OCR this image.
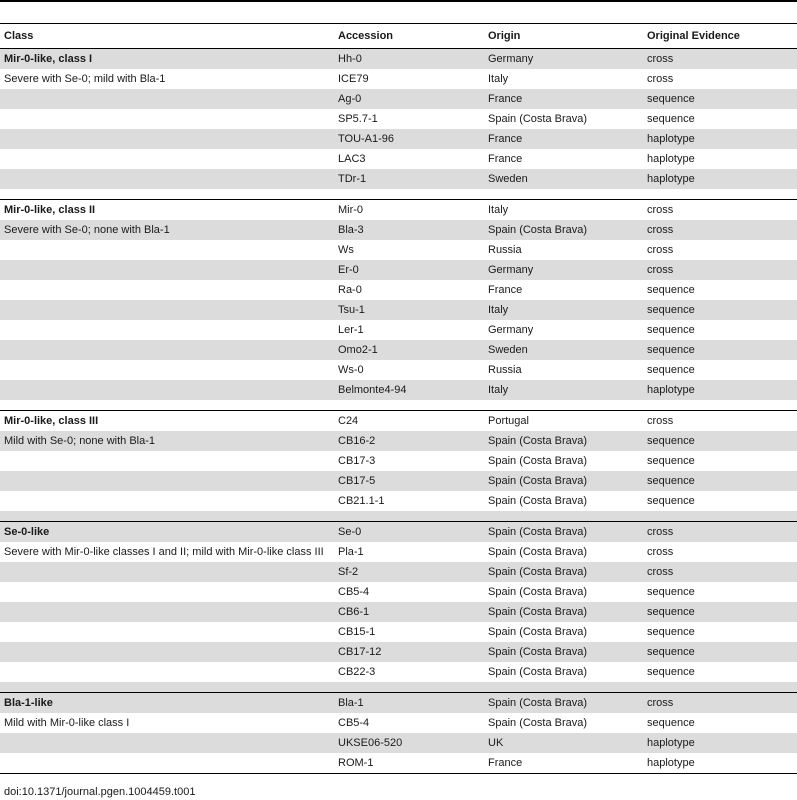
Class	Accession	Origin	Original Evidence
Mir-0-like, class I	Hh-0	Germany	cross
Severe with Se-0; mild with Bla-1	ICE79	Italy	cross
	Ag-0	France	sequence
	SP5.7-1	Spain (Costa Brava)	sequence
	TOU-A1-96	France	haplotype
	LAC3	France	haplotype
	TDr-1	Sweden	haplotype

Mir-0-like, class II	Mir-0	Italy	cross
Severe with Se-0; none with Bla-1	Bla-3	Spain (Costa Brava)	cross
	Ws	Russia	cross
	Er-0	Germany	cross
	Ra-0	France	sequence
	Tsu-1	Italy	sequence
	Ler-1	Germany	sequence
	Omo2-1	Sweden	sequence
	Ws-0	Russia	sequence
	Belmonte4-94	Italy	haplotype

Mir-0-like, class III	C24	Portugal	cross
Mild with Se-0; none with Bla-1	CB16-2	Spain (Costa Brava)	sequence
	CB17-3	Spain (Costa Brava)	sequence
	CB17-5	Spain (Costa Brava)	sequence
	CB21.1-1	Spain (Costa Brava)	sequence

Se-0-like	Se-0	Spain (Costa Brava)	cross
Severe with Mir-0-like classes I and II; mild with Mir-0-like class III	Pla-1	Spain (Costa Brava)	cross
	Sf-2	Spain (Costa Brava)	cross
	CB5-4	Spain (Costa Brava)	sequence
	CB6-1	Spain (Costa Brava)	sequence
	CB15-1	Spain (Costa Brava)	sequence
	CB17-12	Spain (Costa Brava)	sequence
	CB22-3	Spain (Costa Brava)	sequence

Bla-1-like	Bla-1	Spain (Costa Brava)	cross
Mild with Mir-0-like class I	CB5-4	Spain (Costa Brava)	sequence
	UKSE06-520	UK	haplotype
	ROM-1	France	haplotype
doi:10.1371/journal.pgen.1004459.t001
